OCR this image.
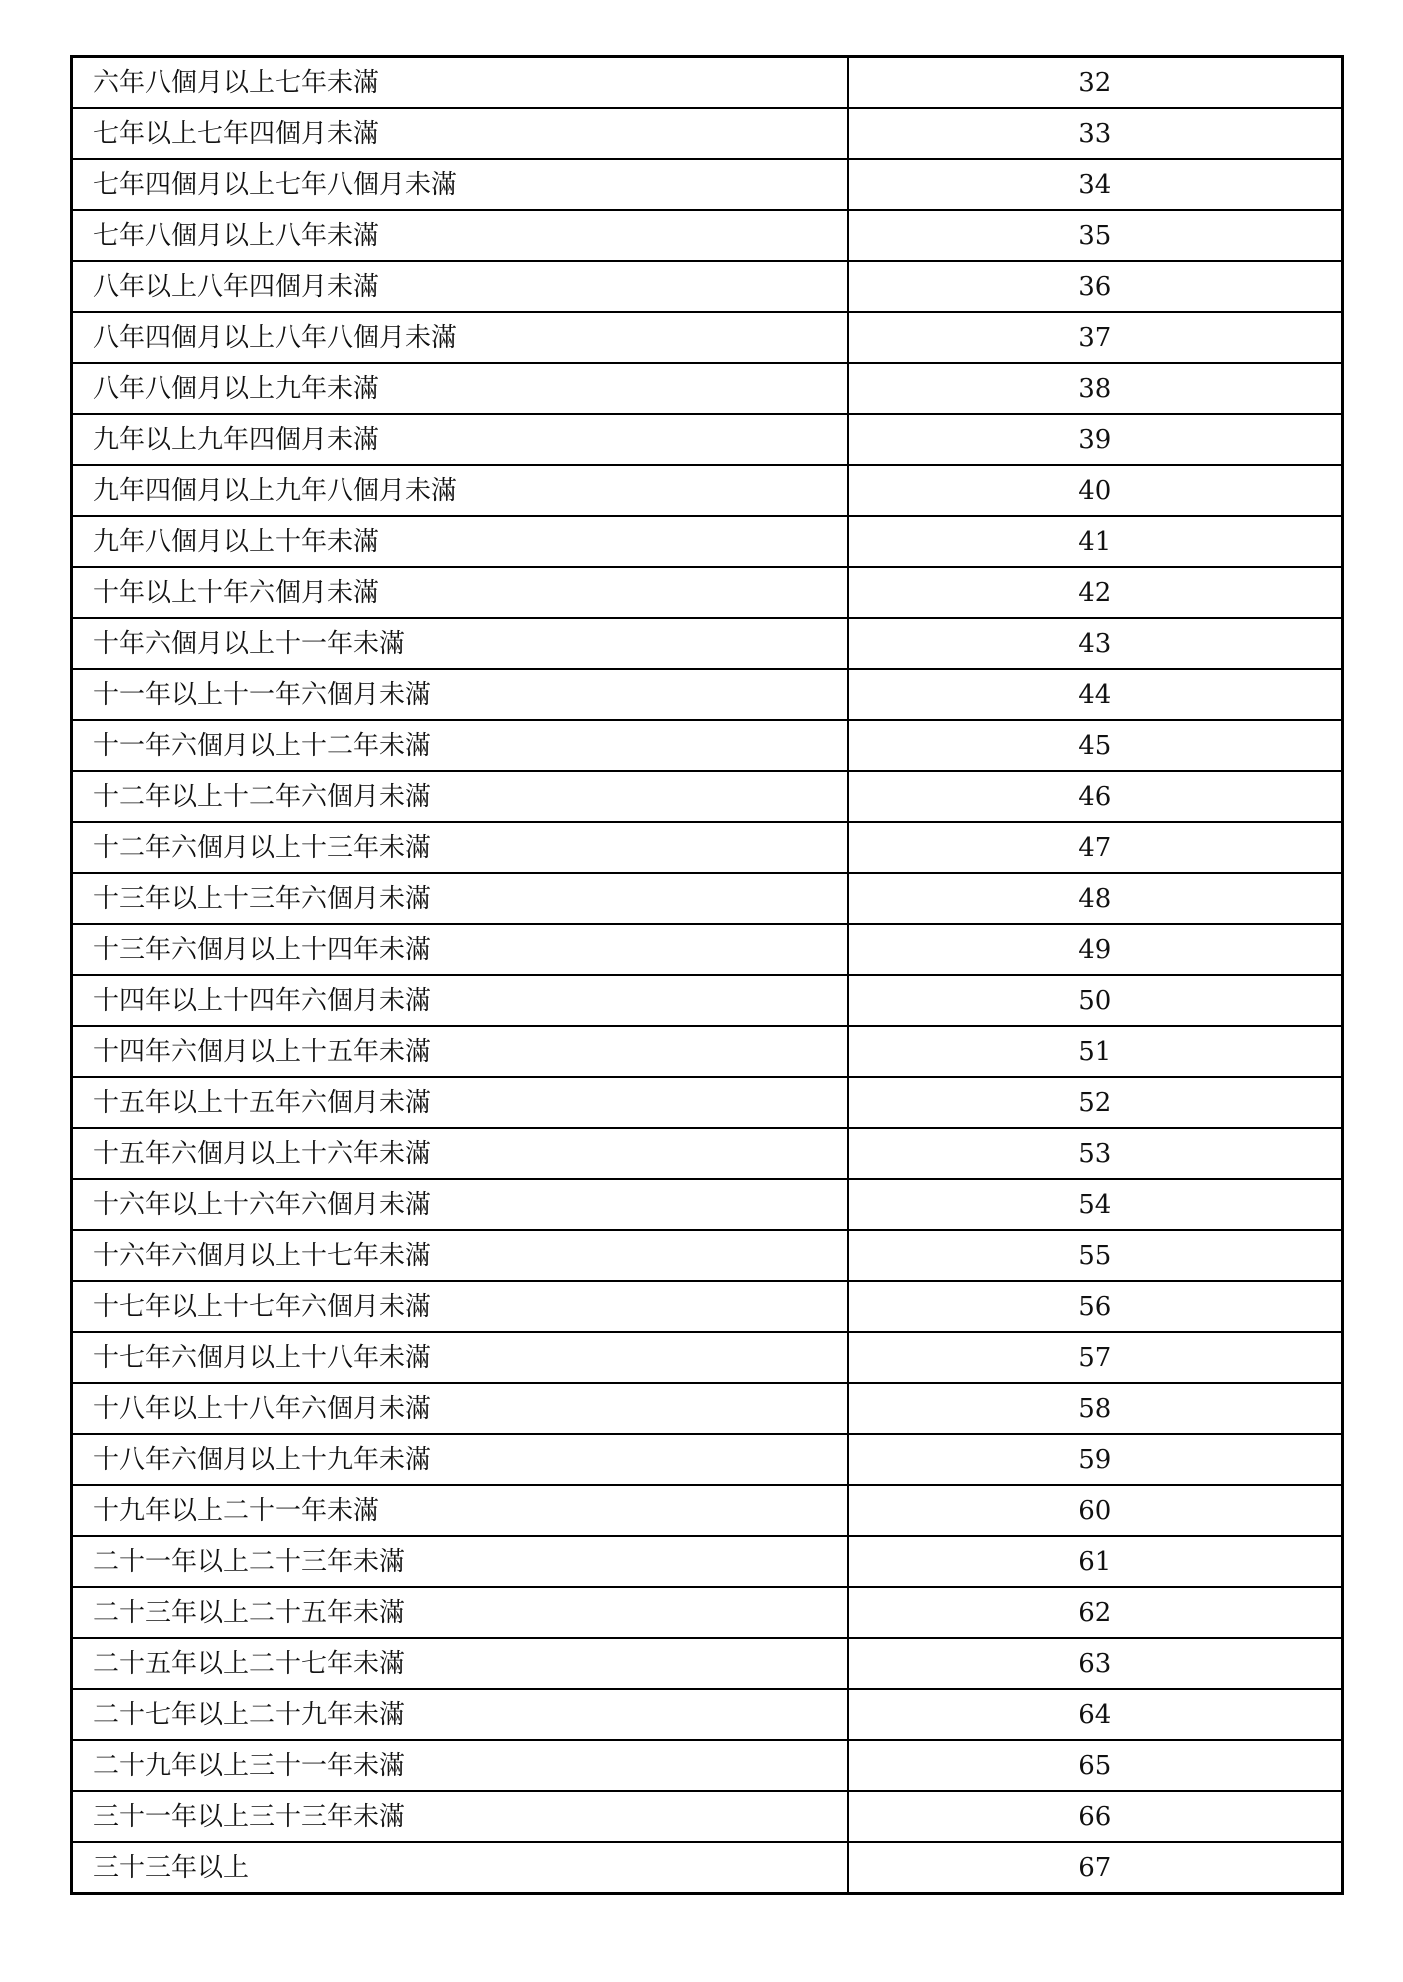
六年八個月以上七年未滿	32
七年以上七年四個月未滿	33
七年四個月以上七年八個月未滿	34
七年八個月以上八年未滿	35
八年以上八年四個月未滿	36
八年四個月以上八年八個月未滿	37
八年八個月以上九年未滿	38
九年以上九年四個月未滿	39
九年四個月以上九年八個月未滿	40
九年八個月以上十年未滿	41
十年以上十年六個月未滿	42
十年六個月以上十一年未滿	43
十一年以上十一年六個月未滿	44
十一年六個月以上十二年未滿	45
十二年以上十二年六個月未滿	46
十二年六個月以上十三年未滿	47
十三年以上十三年六個月未滿	48
十三年六個月以上十四年未滿	49
十四年以上十四年六個月未滿	50
十四年六個月以上十五年未滿	51
十五年以上十五年六個月未滿	52
十五年六個月以上十六年未滿	53
十六年以上十六年六個月未滿	54
十六年六個月以上十七年未滿	55
十七年以上十七年六個月未滿	56
十七年六個月以上十八年未滿	57
十八年以上十八年六個月未滿	58
十八年六個月以上十九年未滿	59
十九年以上二十一年未滿	60
二十一年以上二十三年未滿	61
二十三年以上二十五年未滿	62
二十五年以上二十七年未滿	63
二十七年以上二十九年未滿	64
二十九年以上三十一年未滿	65
三十一年以上三十三年未滿	66
三十三年以上	67
